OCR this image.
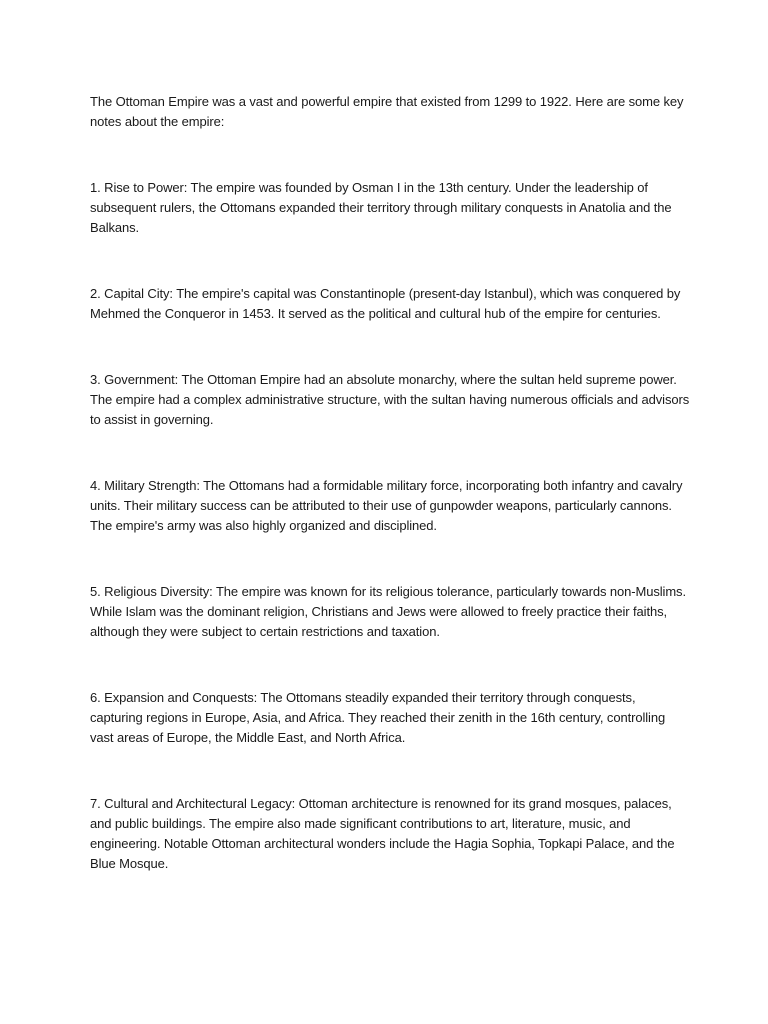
The Ottoman Empire was a vast and powerful empire that existed from 1299 to 1922. Here are some key notes about the empire:

1. Rise to Power: The empire was founded by Osman I in the 13th century. Under the leadership of subsequent rulers, the Ottomans expanded their territory through military conquests in Anatolia and the Balkans.

2. Capital City: The empire's capital was Constantinople (present-day Istanbul), which was conquered by Mehmed the Conqueror in 1453. It served as the political and cultural hub of the empire for centuries.

3. Government: The Ottoman Empire had an absolute monarchy, where the sultan held supreme power. The empire had a complex administrative structure, with the sultan having numerous officials and advisors to assist in governing.

4. Military Strength: The Ottomans had a formidable military force, incorporating both infantry and cavalry units. Their military success can be attributed to their use of gunpowder weapons, particularly cannons. The empire's army was also highly organized and disciplined.

5. Religious Diversity: The empire was known for its religious tolerance, particularly towards non-Muslims. While Islam was the dominant religion, Christians and Jews were allowed to freely practice their faiths, although they were subject to certain restrictions and taxation.

6. Expansion and Conquests: The Ottomans steadily expanded their territory through conquests, capturing regions in Europe, Asia, and Africa. They reached their zenith in the 16th century, controlling vast areas of Europe, the Middle East, and North Africa.

7. Cultural and Architectural Legacy: Ottoman architecture is renowned for its grand mosques, palaces, and public buildings. The empire also made significant contributions to art, literature, music, and engineering. Notable Ottoman architectural wonders include the Hagia Sophia, Topkapi Palace, and the Blue Mosque.
